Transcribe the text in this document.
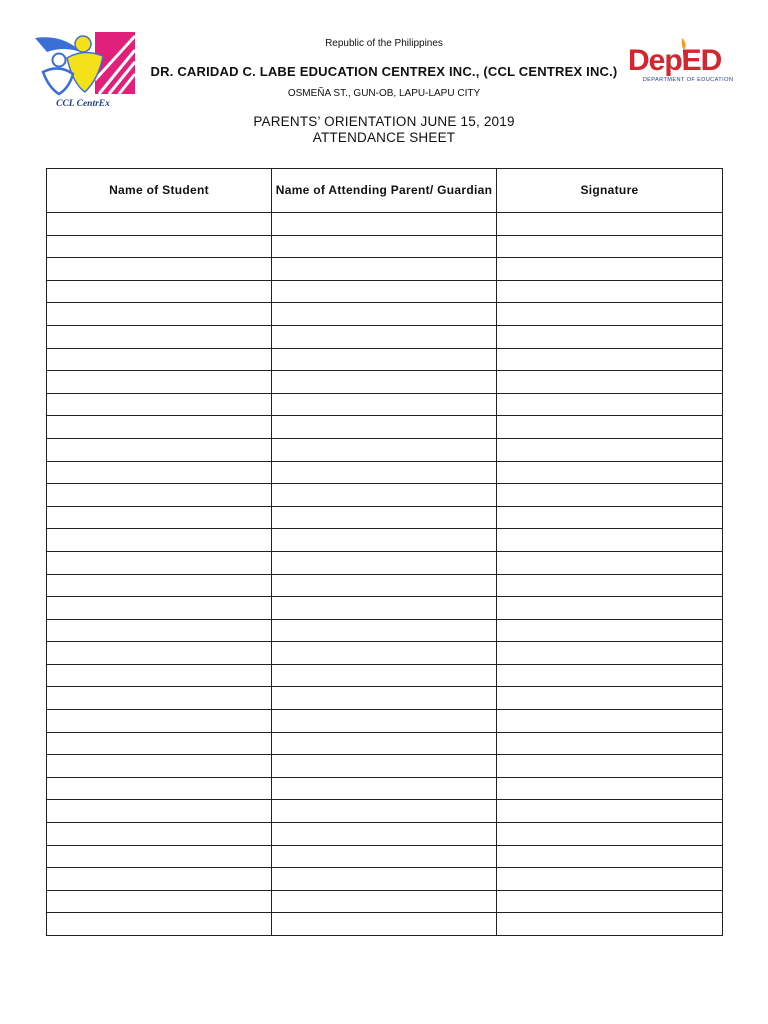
CCL CentrEx
DepED
DEPARTMENT OF EDUCATION
Republic of the Philippines
DR. CARIDAD C. LABE EDUCATION CENTREX INC., (CCL CENTREX INC.)
OSMEÑA ST., GUN-OB, LAPU-LAPU CITY
PARENTS’ ORIENTATION JUNE 15, 2019
ATTENDANCE SHEET
Name of Student	Name of Attending Parent/ Guardian	Signature
